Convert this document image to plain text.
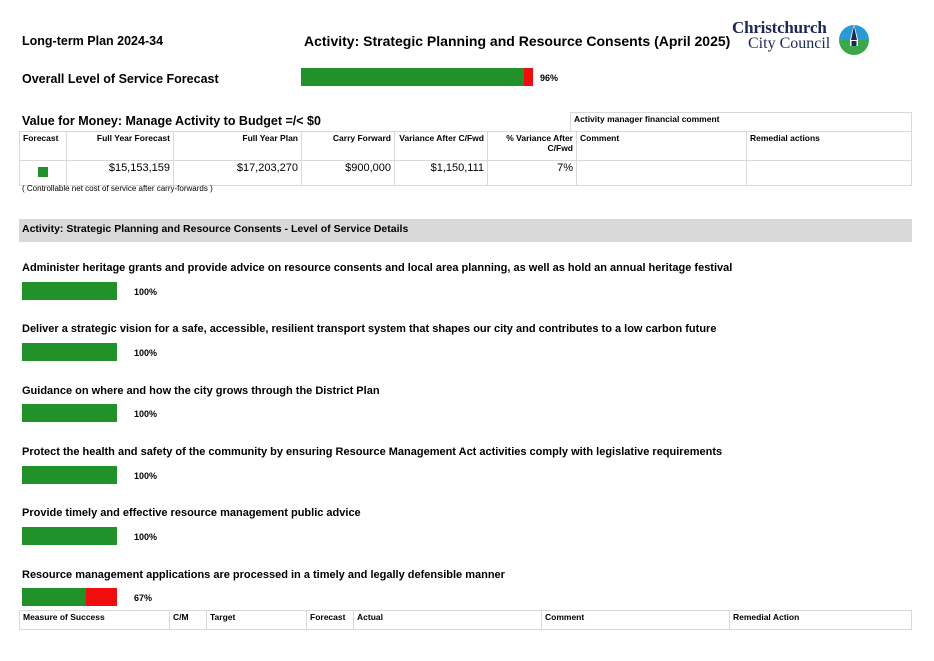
Long-term Plan 2024-34	Activity: Strategic Planning and Resource Consents (April 2025)
Christchurch
City Council
Overall Level of Service Forecast	96%
Value for Money: Manage Activity to Budget =/< $0	Activity manager financial comment
Forecast	Full Year Forecast	Full Year Plan	Carry Forward	Variance After C/Fwd	% Variance After C/Fwd	Comment	Remedial actions
	$15,153,159	$17,203,270	$900,000	$1,150,111	7%		
( Controllable net cost of service after carry-forwards )
Activity: Strategic Planning and Resource Consents - Level of Service Details
Administer heritage grants and provide advice on resource consents and local area planning, as well as hold an annual heritage festival
100%
Deliver a strategic vision for a safe, accessible, resilient transport system that shapes our city and contributes to a low carbon future
100%
Guidance on where and how the city grows through the District Plan
100%
Protect the health and safety of the community by ensuring Resource Management Act activities comply with legislative requirements
100%
Provide timely and effective resource management public advice
100%
Resource management applications are processed in a timely and legally defensible manner
67%
Measure of Success	C/M	Target	Forecast	Actual	Comment	Remedial Action
